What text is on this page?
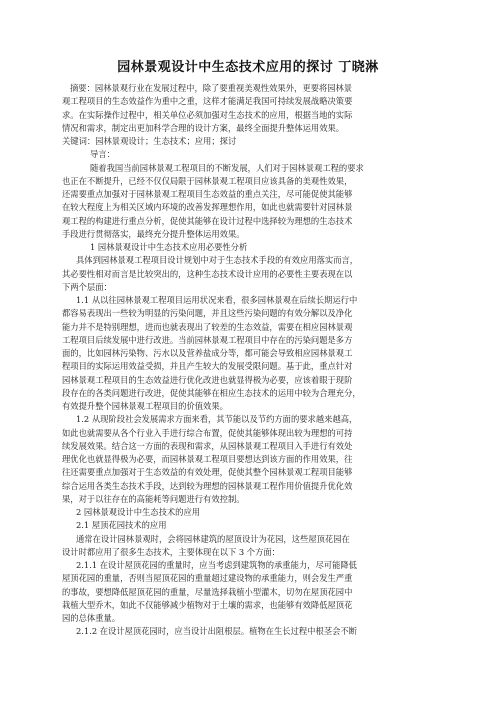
园林景观设计中生态技术应用的探讨 丁晓淋
摘要：园林景观行业在发展过程中，除了要重视美观性效果外，更要将园林景
观工程项目的生态效益作为重中之重，这样才能满足我国可持续发展战略决策要
求。在实际操作过程中，相关单位必须加强对生态技术的应用，根据当地的实际
情况和需求，制定出更加科学合理的设计方案，最终全面提升整体运用效果。
关键词：园林景观设计；生态技术；应用；探讨
导言：
随着我国当前园林景观工程项目的不断发展，人们对于园林景观工程的要求
也正在不断提升，已经不仅仅局限于园林景观工程项目应该具备的美观性效果，
还需要重点加强对于园林景观工程项目生态效益的重点关注，尽可能促使其能够
在较大程度上为相关区域内环境的改善发挥理想作用，如此也就需要针对园林景
观工程的构建进行重点分析，促使其能够在设计过程中选择较为理想的生态技术
手段进行贯彻落实，最终充分提升整体运用效果。
1 园林景观设计中生态技术应用必要性分析
具体到园林景观工程项目设计规划中对于生态技术手段的有效应用落实而言，
其必要性相对而言是比较突出的，这种生态技术设计应用的必要性主要表现在以
下两个层面：
1.1 从以往园林景观工程项目运用状况来看，很多园林景观在后续长期运行中
都容易表现出一些较为明显的污染问题，并且这些污染问题的有效分解以及净化
能力并不是特别理想，进而也就表现出了较差的生态效益，需要在相应园林景观
工程项目后续发展中进行改进。当前园林景观工程项目中存在的污染问题是多方
面的，比如园林污染物、污水以及营养盐成分等，都可能会导致相应园林景观工
程项目的实际运用效益受损，并且产生较大的发展受限问题。基于此，重点针对
园林景观工程项目的生态效益进行优化改进也就显得极为必要，应该着眼于现阶
段存在的各类问题进行改进，促使其能够在相应生态技术的运用中较为合理充分，
有效提升整个园林景观工程项目的价值效果。
1.2 从现阶段社会发展需求方面来看，其节能以及节约方面的要求越来越高，
如此也就需要从各个行业入手进行综合布置，促使其能够体现出较为理想的可持
续发展效果。结合这一方面的表现和需求，从园林景观工程项目入手进行有效处
理优化也就显得极为必要，而园林景观工程项目要想达到该方面的作用效果，往
往还需要重点加强对于生态效益的有效处理，促使其整个园林景观工程项目能够
综合运用各类生态技术手段，达到较为理想的园林景观工程作用价值提升优化效
果，对于以往存在的高能耗等问题进行有效控制。
2 园林景观设计中生态技术的应用
2.1 屋顶花园技术的应用
通常在设计园林景观时，会将园林建筑的屋顶设计为花园，这些屋顶花园在
设计时都应用了很多生态技术，主要体现在以下 3 个方面：
2.1.1 在设计屋顶花园的重量时，应当考虑到建筑物的承重能力，尽可能降低
屋顶花园的重量，否则当屋顶花园的重量超过建设物的承重能力，则会发生严重
的事故，要想降低屋顶花园的重量，尽量选择栽植小型灌木，切勿在屋顶花园中
栽植大型乔木，如此不仅能够减少植物对于土壤的需求，也能够有效降低屋顶花
园的总体重量。
2.1.2 在设计屋顶花园时，应当设计出阻根层。植物在生长过程中根茎会不断
